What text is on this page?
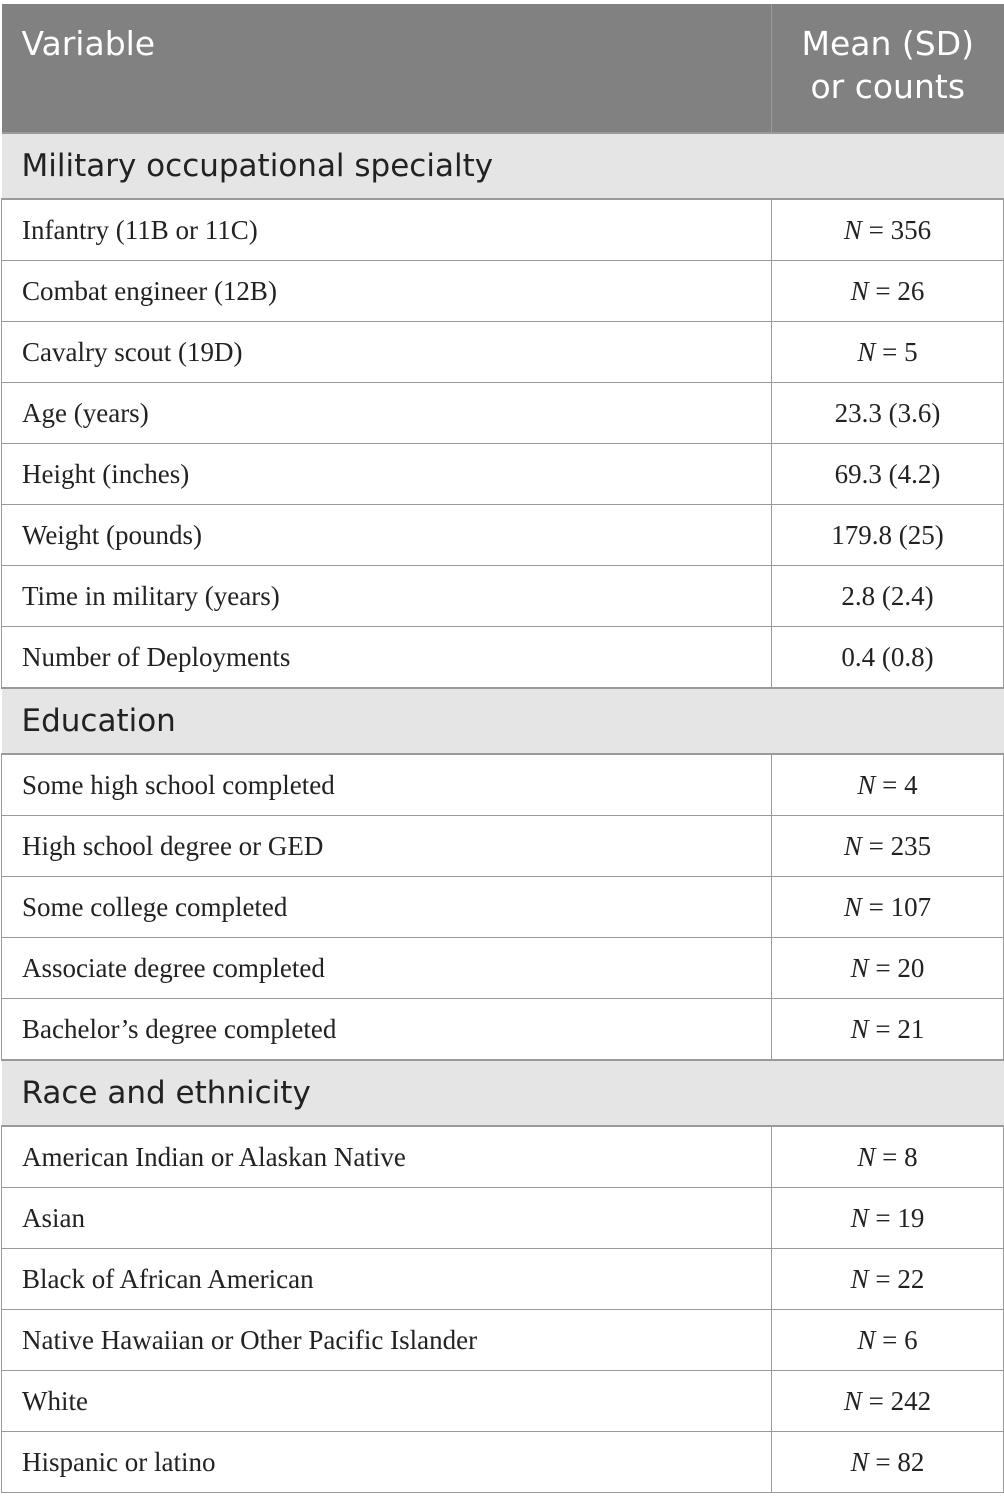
Variable	Mean (SD)
or counts

Military occupational specialty	
Infantry (11B or 11C)	N = 356
Combat engineer (12B)	N = 26
Cavalry scout (19D)	N = 5
Age (years)	23.3 (3.6)
Height (inches)	69.3 (4.2)
Weight (pounds)	179.8 (25)
Time in military (years)	2.8 (2.4)
Number of Deployments	0.4 (0.8)
Education	
Some high school completed	N = 4
High school degree or GED	N = 235
Some college completed	N = 107
Associate degree completed	N = 20
Bachelor’s degree completed	N = 21
Race and ethnicity	
American Indian or Alaskan Native	N = 8
Asian	N = 19
Black of African American	N = 22
Native Hawaiian or Other Pacific Islander	N = 6
White	N = 242
Hispanic or latino	N = 82
